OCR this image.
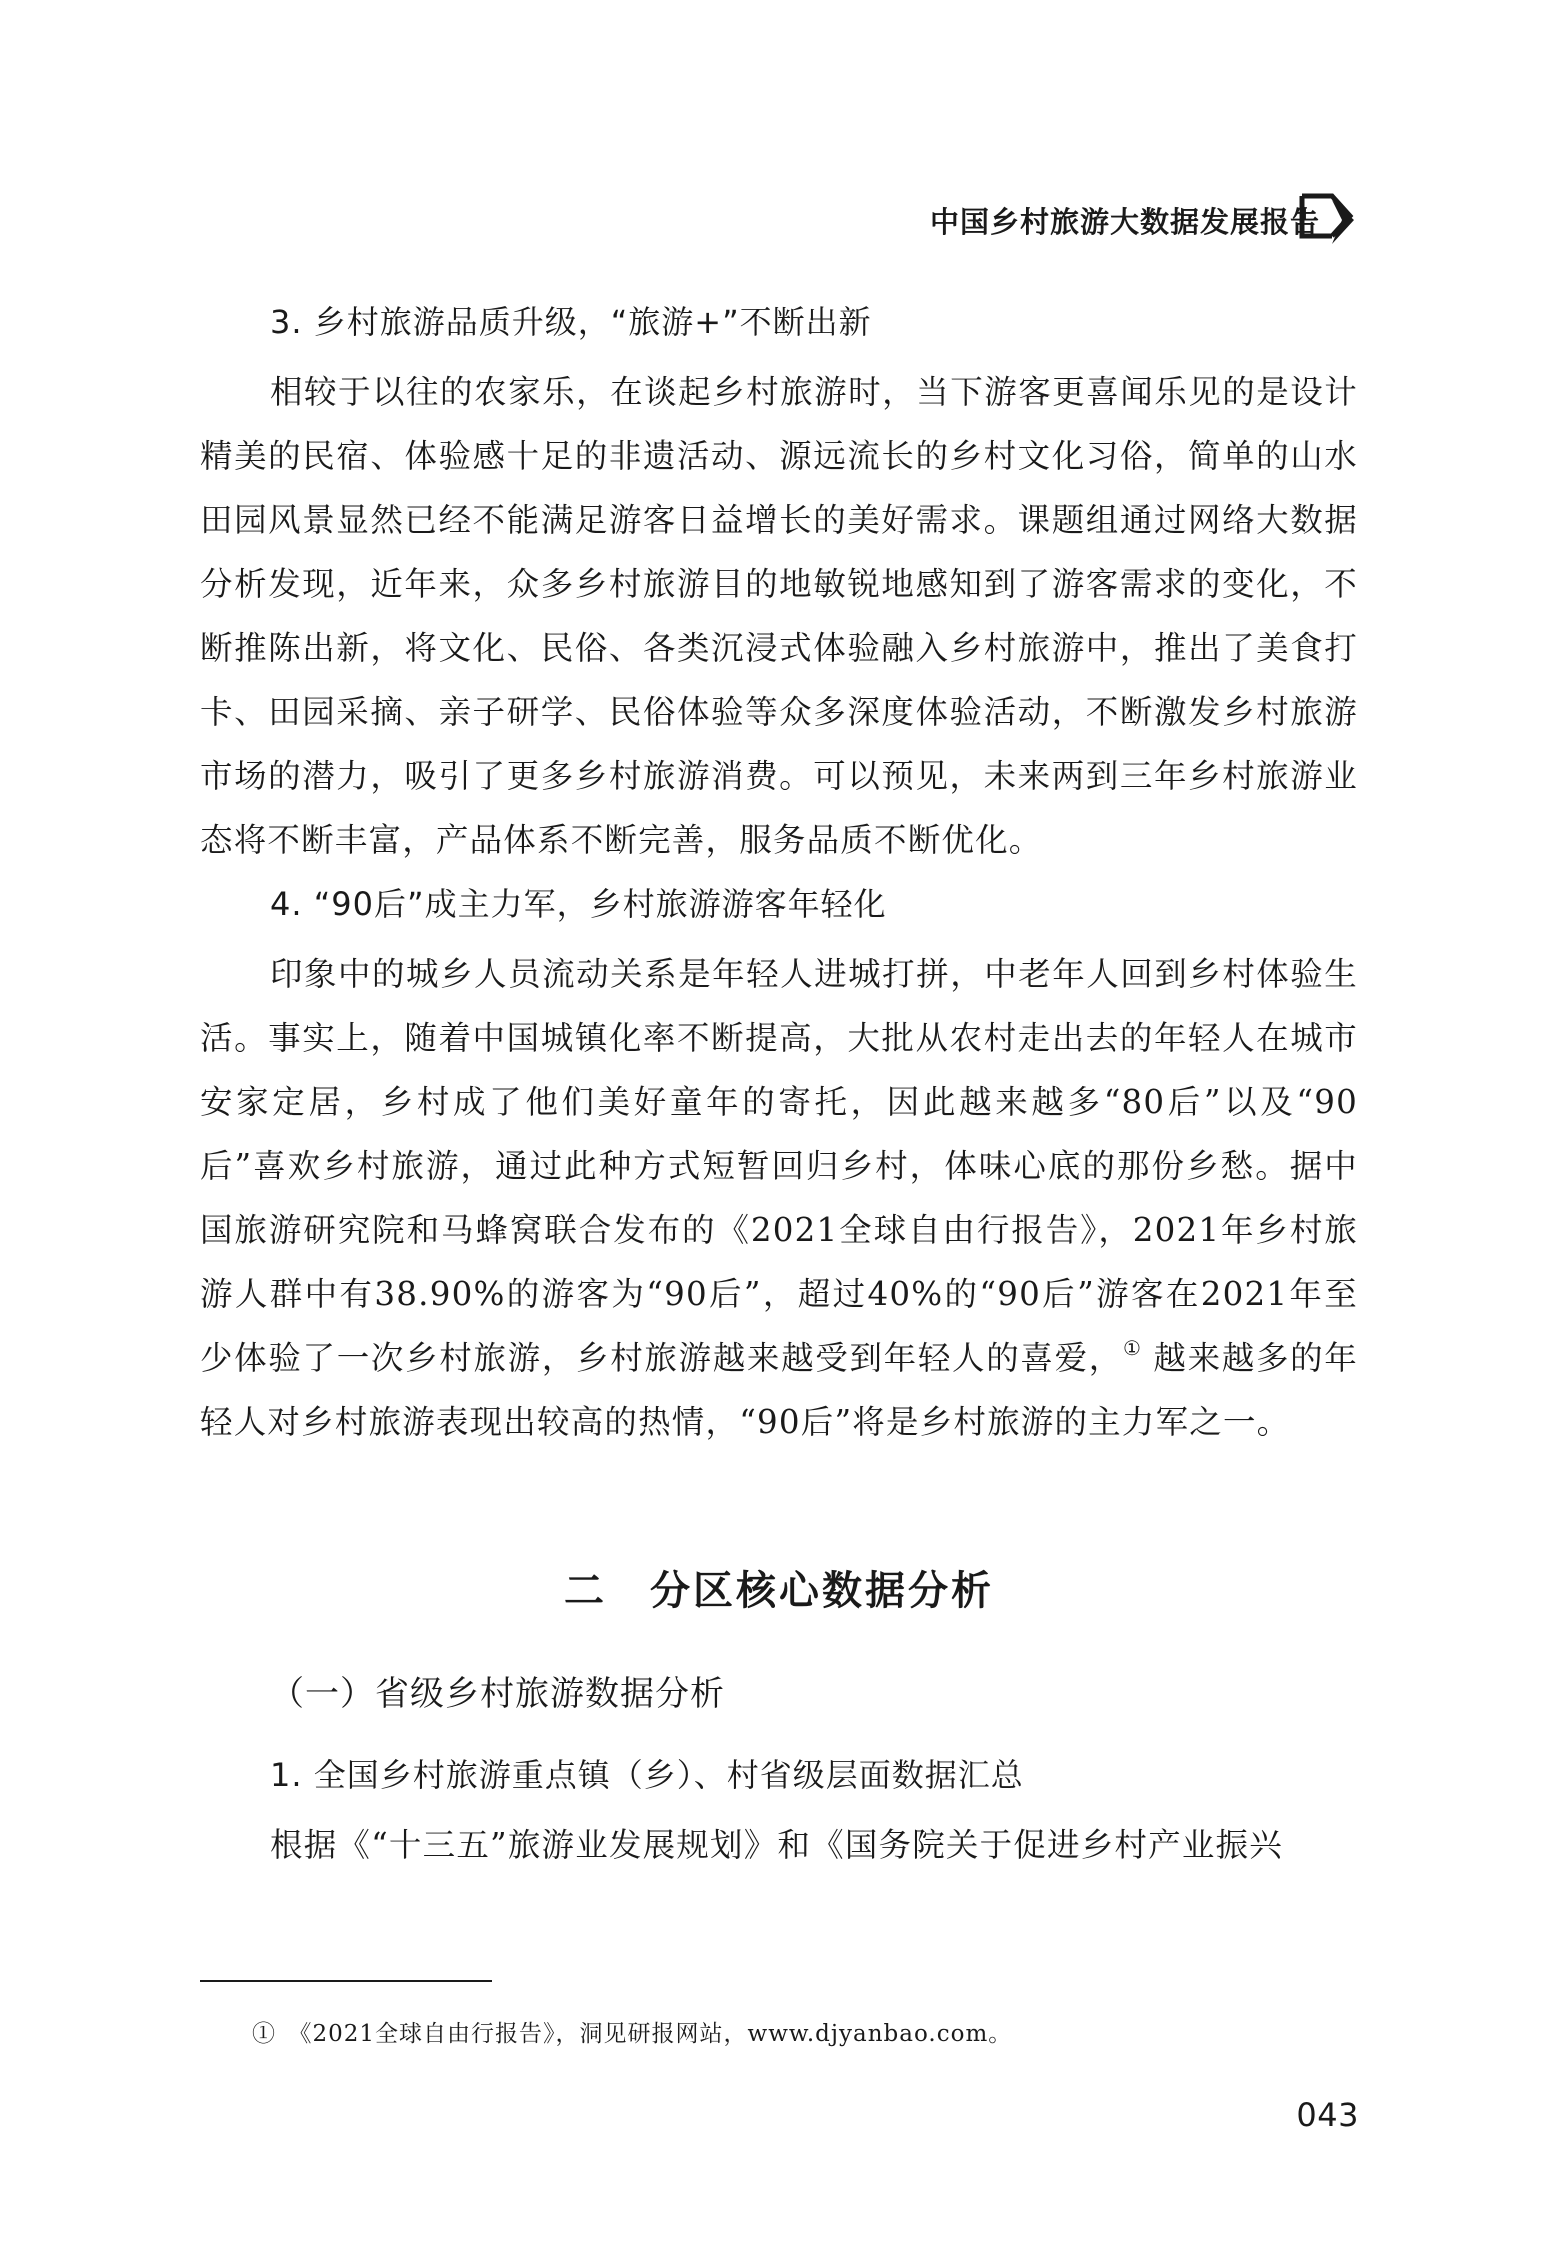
中国乡村旅游大数据发展报告
3. 乡村旅游品质升级，“旅游+”不断出新

相较于以往的农家乐，在谈起乡村旅游时，当下游客更喜闻乐见的是设计精美的民宿、体验感十足的非遗活动、源远流长的乡村文化习俗，简单的山水田园风景显然已经不能满足游客日益增长的美好需求。课题组通过网络大数据分析发现，近年来，众多乡村旅游目的地敏锐地感知到了游客需求的变化，不断推陈出新，将文化、民俗、各类沉浸式体验融入乡村旅游中，推出了美食打卡、田园采摘、亲子研学、民俗体验等众多深度体验活动，不断激发乡村旅游市场的潜力，吸引了更多乡村旅游消费。可以预见，未来两到三年乡村旅游业态将不断丰富，产品体系不断完善，服务品质不断优化。

4. “90后”成主力军，乡村旅游游客年轻化

印象中的城乡人员流动关系是年轻人进城打拼，中老年人回到乡村体验生活。事实上，随着中国城镇化率不断提高，大批从农村走出去的年轻人在城市安家定居，乡村成了他们美好童年的寄托，因此越来越多“80后”以及“90后”喜欢乡村旅游，通过此种方式短暂回归乡村，体味心底的那份乡愁。据中国旅游研究院和马蜂窝联合发布的《2021全球自由行报告》，2021年乡村旅游人群中有38.90%的游客为“90后”，超过40%的“90后”游客在2021年至少体验了一次乡村旅游，乡村旅游越来越受到年轻人的喜爱，① 越来越多的年轻人对乡村旅游表现出较高的热情，“90后”将是乡村旅游的主力军之一。

二　分区核心数据分析
（一）省级乡村旅游数据分析
1. 全国乡村旅游重点镇（乡）、村省级层面数据汇总

根据《“十三五”旅游业发展规划》和《国务院关于促进乡村产业振兴

①　《2021全球自由行报告》，洞见研报网站，www.djyanbao.com。
043
